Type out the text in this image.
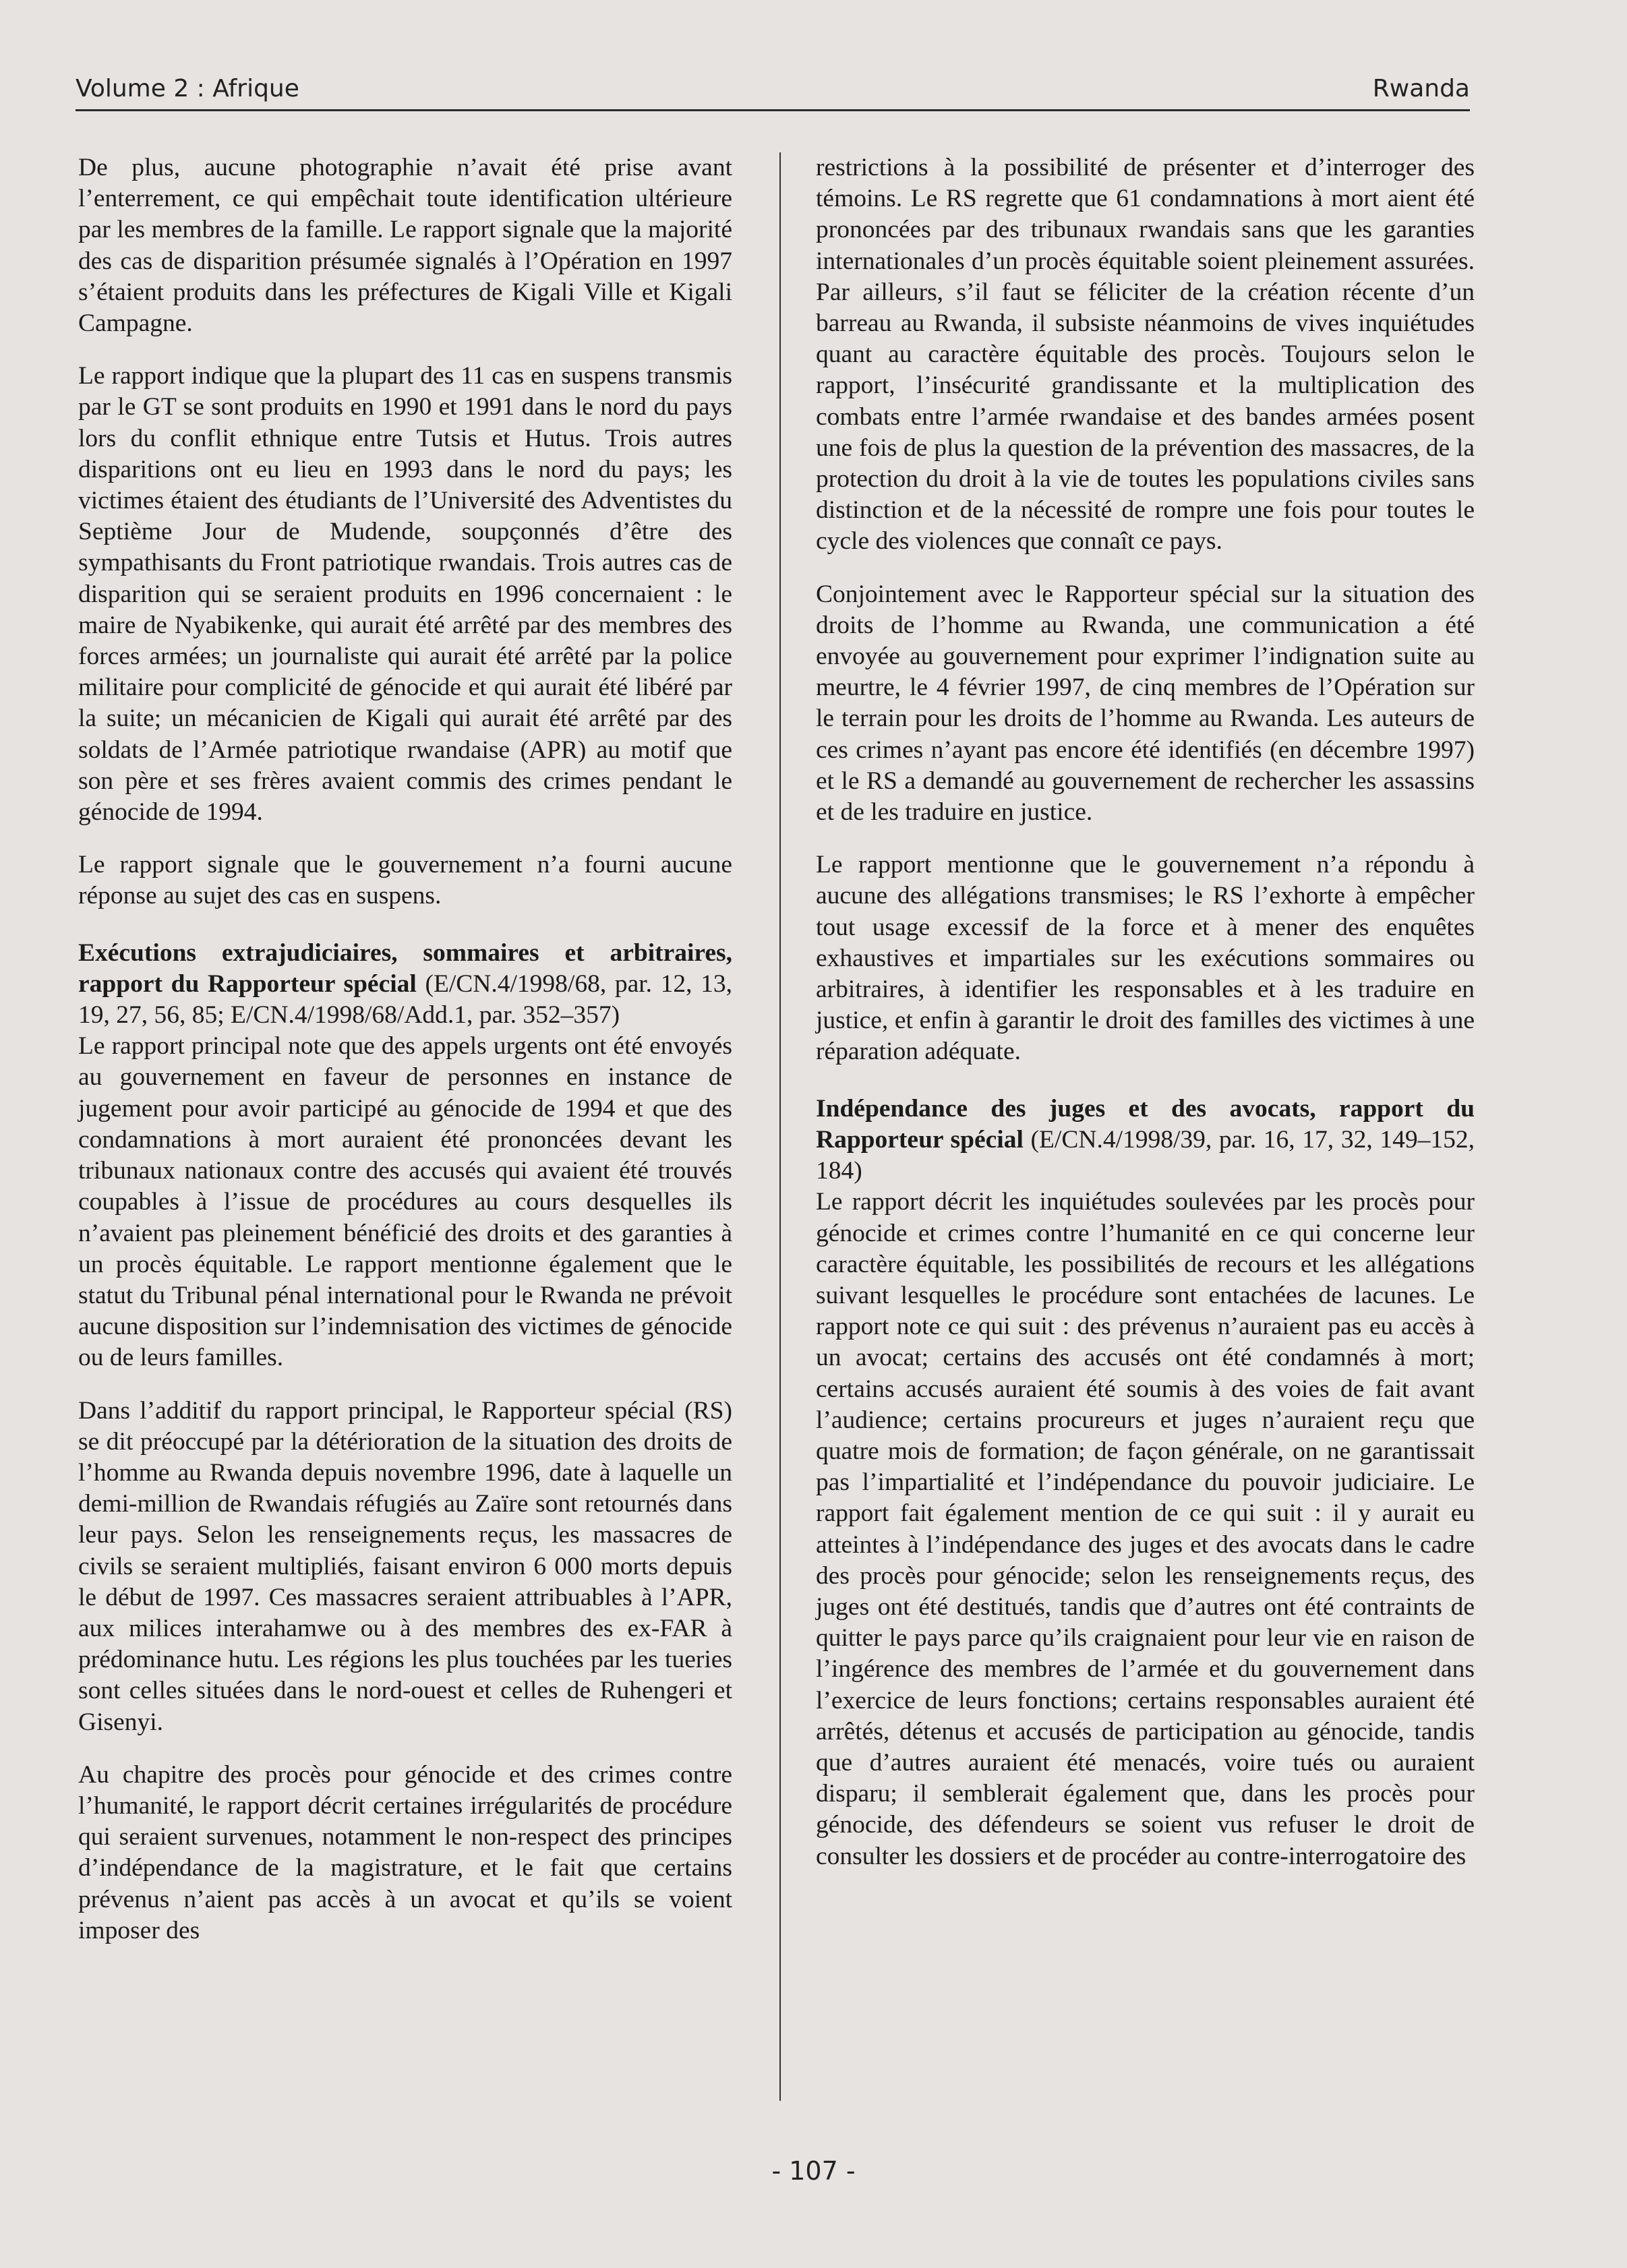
Volume 2 : Afrique	Rwanda

De plus, aucune photographie n’avait été prise avant l’enterrement, ce qui empêchait toute identification ultérieure par les membres de la famille. Le rapport signale que la majorité des cas de disparition présumée signalés à l’Opération en 1997 s’étaient produits dans les préfectures de Kigali Ville et Kigali Campagne.

Le rapport indique que la plupart des 11 cas en suspens transmis par le GT se sont produits en 1990 et 1991 dans le nord du pays lors du conflit ethnique entre Tutsis et Hutus. Trois autres disparitions ont eu lieu en 1993 dans le nord du pays; les victimes étaient des étudiants de l’Université des Adventistes du Septième Jour de Mudende, soupçonnés d’être des sympathisants du Front patriotique rwandais. Trois autres cas de disparition qui se seraient produits en 1996 concernaient : le maire de Nyabikenke, qui aurait été arrêté par des membres des forces armées; un journaliste qui aurait été arrêté par la police militaire pour complicité de génocide et qui aurait été libéré par la suite; un mécanicien de Kigali qui aurait été arrêté par des soldats de l’Armée patriotique rwandaise (APR) au motif que son père et ses frères avaient commis des crimes pendant le génocide de 1994.

Le rapport signale que le gouvernement n’a fourni aucune réponse au sujet des cas en suspens.

Exécutions extrajudiciaires, sommaires et arbitraires, rapport du Rapporteur spécial (E/CN.4/1998/68, par. 12, 13, 19, 27, 56, 85; E/CN.4/1998/68/Add.1, par. 352–357)

Le rapport principal note que des appels urgents ont été envoyés au gouvernement en faveur de personnes en instance de jugement pour avoir participé au génocide de 1994 et que des condamnations à mort auraient été prononcées devant les tribunaux nationaux contre des accusés qui avaient été trouvés coupables à l’issue de procédures au cours desquelles ils n’avaient pas pleinement bénéficié des droits et des garanties à un procès équitable. Le rapport mentionne également que le statut du Tribunal pénal international pour le Rwanda ne prévoit aucune disposition sur l’indemnisation des victimes de génocide ou de leurs familles.

Dans l’additif du rapport principal, le Rapporteur spécial (RS) se dit préoccupé par la détérioration de la situation des droits de l’homme au Rwanda depuis novembre 1996, date à laquelle un demi-million de Rwandais réfugiés au Zaïre sont retournés dans leur pays. Selon les renseignements reçus, les massacres de civils se seraient multipliés, faisant environ 6 000 morts depuis le début de 1997. Ces massacres seraient attribuables à l’APR, aux milices interahamwe ou à des membres des ex-FAR à prédominance hutu. Les régions les plus touchées par les tueries sont celles situées dans le nord-ouest et celles de Ruhengeri et Gisenyi.

Au chapitre des procès pour génocide et des crimes contre l’humanité, le rapport décrit certaines irrégularités de procédure qui seraient survenues, notamment le non-respect des principes d’indépendance de la magistrature, et le fait que certains prévenus n’aient pas accès à un avocat et qu’ils se voient imposer des

restrictions à la possibilité de présenter et d’interroger des témoins. Le RS regrette que 61 condamnations à mort aient été prononcées par des tribunaux rwandais sans que les garanties internationales d’un procès équitable soient pleinement assurées. Par ailleurs, s’il faut se féliciter de la création récente d’un barreau au Rwanda, il subsiste néanmoins de vives inquiétudes quant au caractère équitable des procès. Toujours selon le rapport, l’insécurité grandissante et la multiplication des combats entre l’armée rwandaise et des bandes armées posent une fois de plus la question de la prévention des massacres, de la protection du droit à la vie de toutes les populations civiles sans distinction et de la nécessité de rompre une fois pour toutes le cycle des violences que connaît ce pays.

Conjointement avec le Rapporteur spécial sur la situation des droits de l’homme au Rwanda, une communication a été envoyée au gouvernement pour exprimer l’indignation suite au meurtre, le 4 février 1997, de cinq membres de l’Opération sur le terrain pour les droits de l’homme au Rwanda. Les auteurs de ces crimes n’ayant pas encore été identifiés (en décembre 1997) et le RS a demandé au gouvernement de rechercher les assassins et de les traduire en justice.

Le rapport mentionne que le gouvernement n’a répondu à aucune des allégations transmises; le RS l’exhorte à empêcher tout usage excessif de la force et à mener des enquêtes exhaustives et impartiales sur les exécutions sommaires ou arbitraires, à identifier les responsables et à les traduire en justice, et enfin à garantir le droit des familles des victimes à une réparation adéquate.

Indépendance des juges et des avocats, rapport du Rapporteur spécial (E/CN.4/1998/39, par. 16, 17, 32, 149–152, 184)

Le rapport décrit les inquiétudes soulevées par les procès pour génocide et crimes contre l’humanité en ce qui concerne leur caractère équitable, les possibilités de recours et les allégations suivant lesquelles le procédure sont entachées de lacunes. Le rapport note ce qui suit : des prévenus n’auraient pas eu accès à un avocat; certains des accusés ont été condamnés à mort; certains accusés auraient été soumis à des voies de fait avant l’audience; certains procureurs et juges n’auraient reçu que quatre mois de formation; de façon générale, on ne garantissait pas l’impartialité et l’indépendance du pouvoir judiciaire. Le rapport fait également mention de ce qui suit : il y aurait eu atteintes à l’indépendance des juges et des avocats dans le cadre des procès pour génocide; selon les renseignements reçus, des juges ont été destitués, tandis que d’autres ont été contraints de quitter le pays parce qu’ils craignaient pour leur vie en raison de l’ingérence des membres de l’armée et du gouvernement dans l’exercice de leurs fonctions; certains responsables auraient été arrêtés, détenus et accusés de participation au génocide, tandis que d’autres auraient été menacés, voire tués ou auraient disparu; il semblerait également que, dans les procès pour génocide, des défendeurs se soient vus refuser le droit de consulter les dossiers et de procéder au contre-interrogatoire des

- 107 -
